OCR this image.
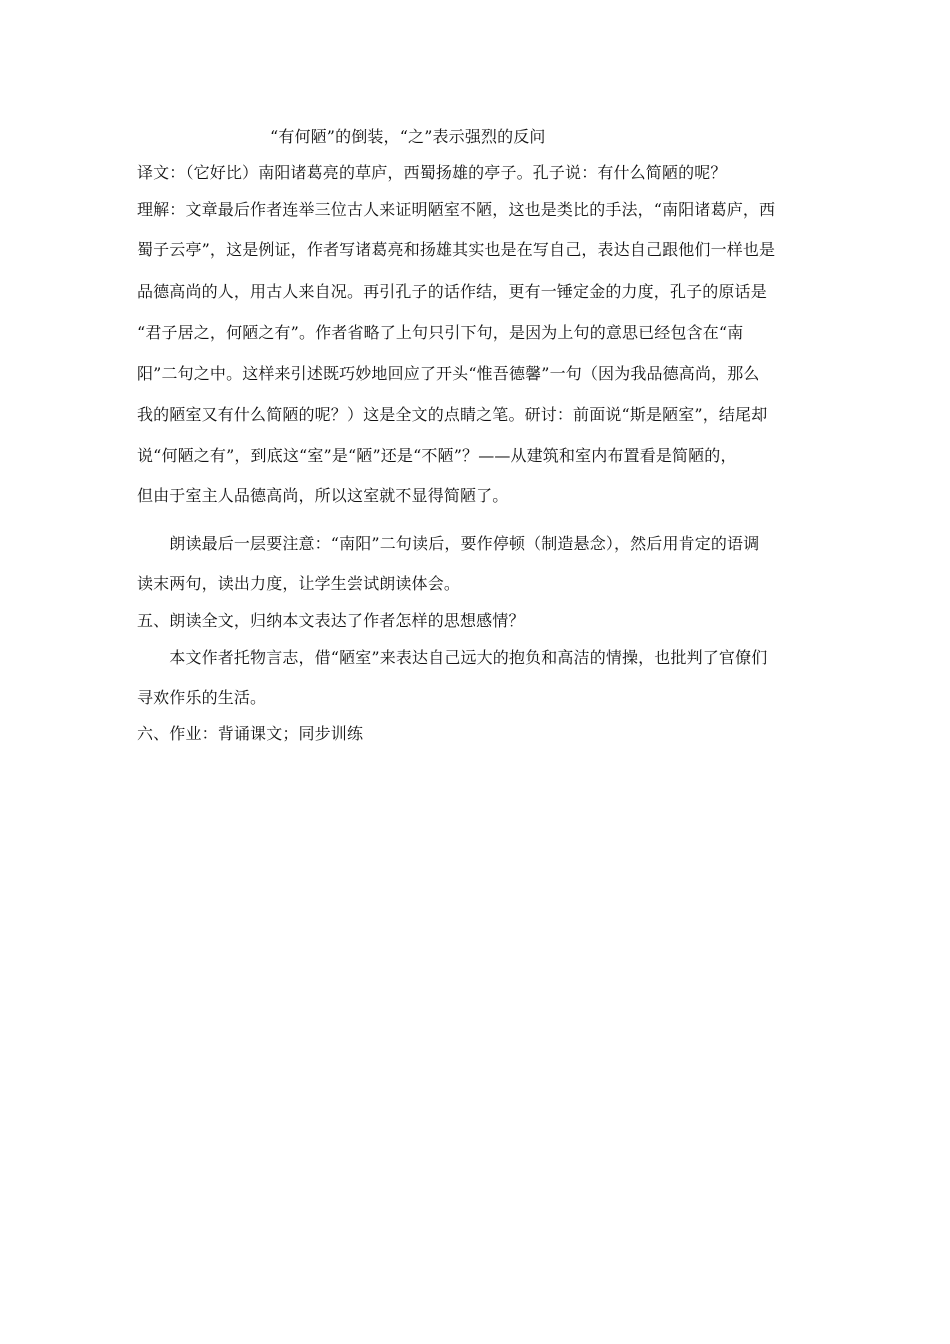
“有何陋”的倒装，“之”表示强烈的反问
译文：（它好比）南阳诸葛亮的草庐，西蜀扬雄的亭子。孔子说：有什么简陋的呢？
理解：文章最后作者连举三位古人来证明陋室不陋，这也是类比的手法，“南阳诸葛庐，西
蜀子云亭”，这是例证，作者写诸葛亮和扬雄其实也是在写自己，表达自己跟他们一样也是
品德高尚的人，用古人来自况。再引孔子的话作结，更有一锤定金的力度，孔子的原话是
“君子居之，何陋之有”。作者省略了上句只引下句，是因为上句的意思已经包含在“南
阳”二句之中。这样来引述既巧妙地回应了开头“惟吾德馨”一句（因为我品德高尚，那么
我的陋室又有什么简陋的呢？）这是全文的点睛之笔。研讨：前面说“斯是陋室”，结尾却
说“何陋之有”，到底这“室”是“陋”还是“不陋”？——从建筑和室内布置看是简陋的，
但由于室主人品德高尚，所以这室就不显得简陋了。
　　朗读最后一层要注意：“南阳”二句读后，要作停顿（制造悬念），然后用肯定的语调
读末两句，读出力度，让学生尝试朗读体会。
五、朗读全文，归纳本文表达了作者怎样的思想感情？
　　本文作者托物言志，借“陋室”来表达自己远大的抱负和高洁的情操，也批判了官僚们
寻欢作乐的生活。
六、作业：背诵课文；同步训练
